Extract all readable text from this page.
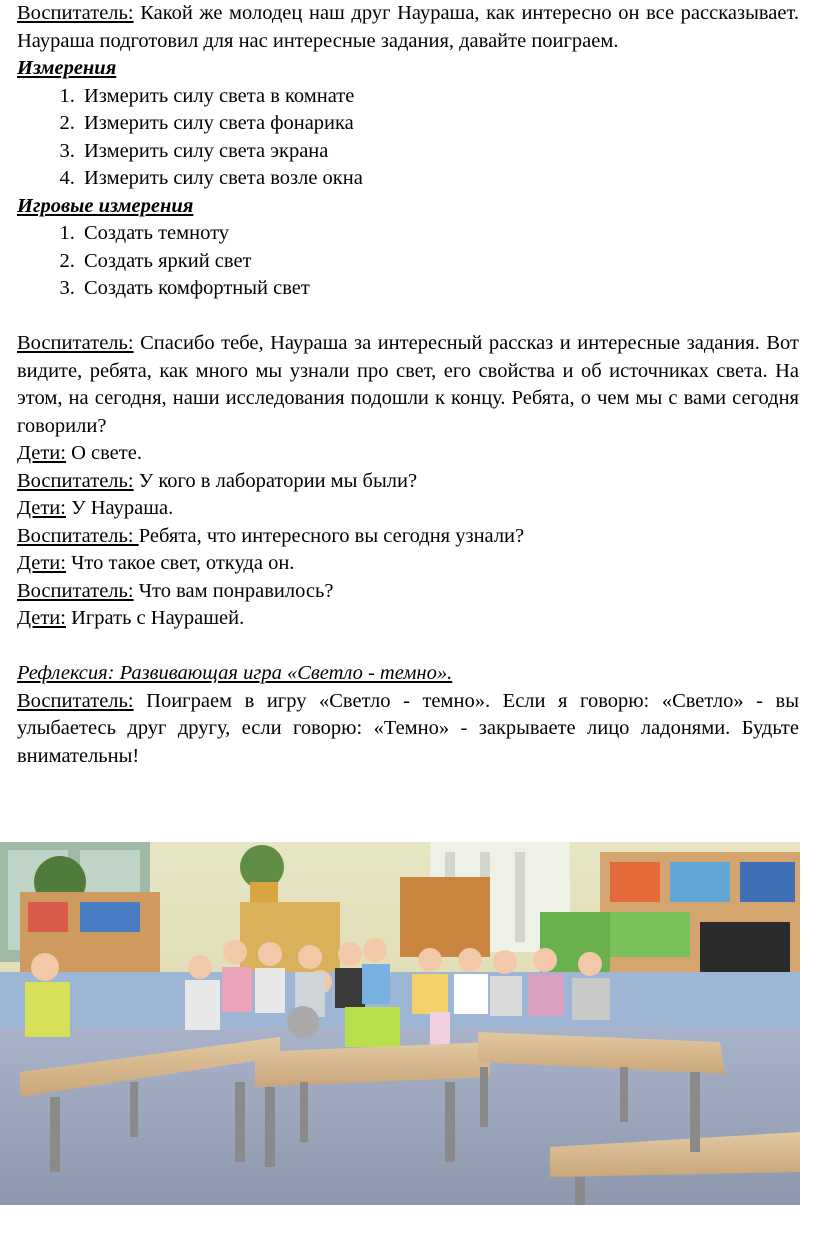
Воспитатель: Какой же молодец наш друг Наураша, как интересно он все рассказывает. Наураша подготовил для нас интересные задания, давайте поиграем.

Измерения

1. Измерить силу света в комнате
2. Измерить силу света фонарика
3. Измерить силу света экрана
4. Измерить силу света возле окна

Игровые измерения

1. Создать темноту
2. Создать яркий свет
3. Создать комфортный свет

Воспитатель: Спасибо тебе, Наураша за интересный рассказ и интересные задания. Вот видите, ребята, как много мы узнали про свет, его свойства и об источниках света. На этом, на сегодня, наши исследования подошли к концу. Ребята, о чем мы с вами сегодня говорили?

Дети: О свете.

Воспитатель: У кого в лаборатории мы были?

Дети: У Наураша.

Воспитатель: Ребята, что интересного вы сегодня узнали?

Дети: Что такое свет, откуда он.

Воспитатель: Что вам понравилось?

Дети: Играть с Наурашей.

Рефлексия: Развивающая игра «Светло - темно».

Воспитатель: Поиграем в игру «Светло - темно». Если я говорю: «Светло» - вы улыбаетесь друг другу, если говорю: «Темно» - закрываете лицо ладонями. Будьте внимательны!
